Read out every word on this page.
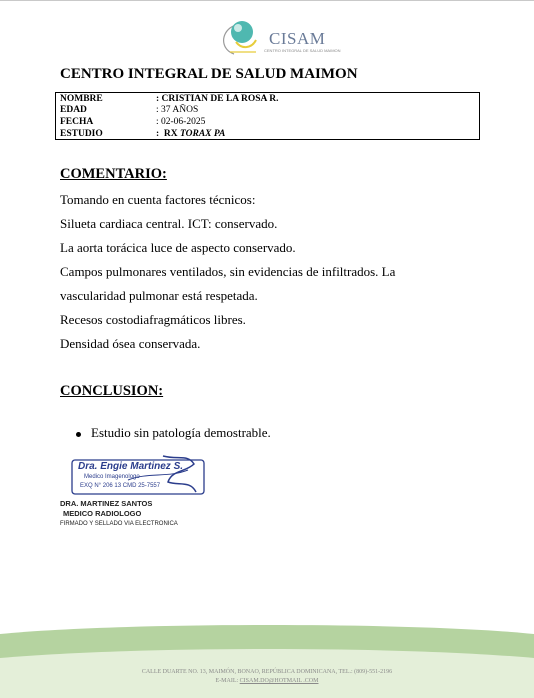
CISAM
CENTRO INTEGRAL DE SALUD MAIMON
CENTRO INTEGRAL DE SALUD MAIMON
NOMBRE	: CRISTIAN DE LA ROSA R.
EDAD	: 37 AÑOS
FECHA	: 02-06-2025
ESTUDIO	:  RX TORAX PA
COMENTARIO:
Tomando en cuenta factores técnicos:
Silueta cardiaca central. ICT: conservado.
La aorta torácica luce de aspecto conservado.
Campos pulmonares ventilados, sin evidencias de infiltrados. La
vascularidad pulmonar está respetada.
Recesos costodiafragmáticos libres.
Densidad ósea conservada.
CONCLUSION:
Estudio sin patología demostrable.
Dra. Engie Martinez S.
Medico Imagenologo
EXQ N° 206 13 CMD 25-7557
DRA. MARTINEZ SANTOS
MEDICO RADIOLOGO
FIRMADO Y SELLADO VIA ELECTRONICA
CALLE DUARTE NO. 13, MAIMÓN, BONAO, REPÚBLICA DOMINICANA, TEL.: (809)-551-2196
E-MAIL: CISAM.DO@HOTMAIL .COM
